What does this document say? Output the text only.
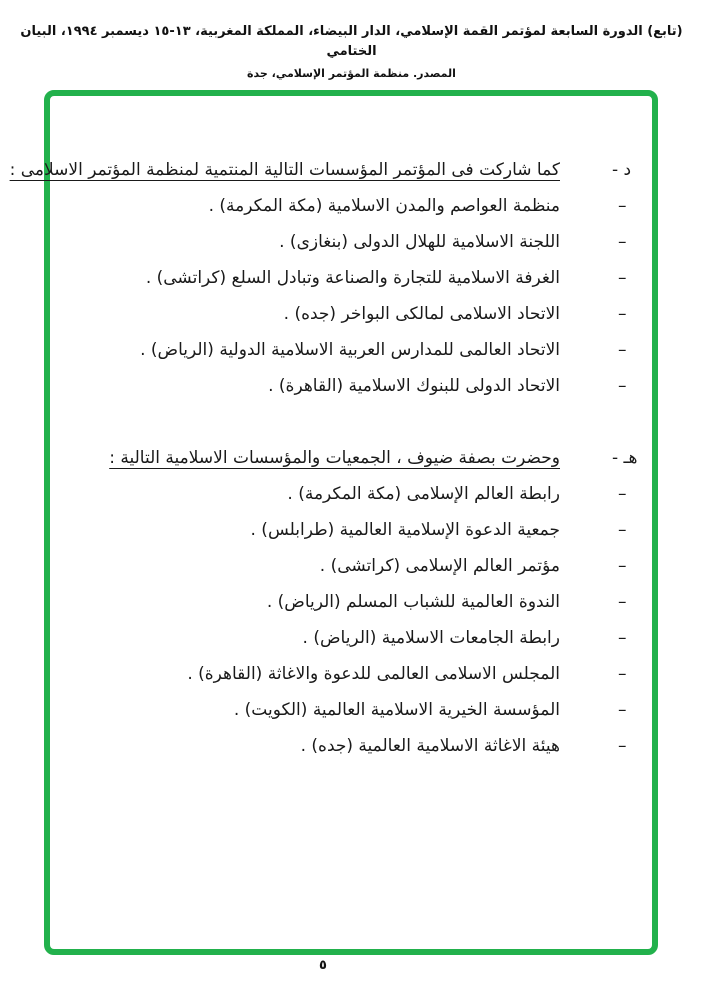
(تابع) الدورة السابعة لمؤتمر القمة الإسلامي، الدار البيضاء، المملكة المغربية، ١٣-١٥ ديسمبر ١٩٩٤، البيان الختامي
المصدر. منظمة المؤتمر الإسلامي، جدة
د -
كما شاركت فى المؤتمر المؤسسات التالية المنتمية لمنظمة المؤتمر الاسلامى :
–
منظمة العواصم والمدن الاسلامية (مكة المكرمة) .
–
اللجنة الاسلامية للهلال الدولى (بنغازى) .
–
الغرفة الاسلامية للتجارة والصناعة وتبادل السلع (كراتشى) .
–
الاتحاد الاسلامى لمالكى البواخر (جده) .
–
الاتحاد العالمى للمدارس العربية الاسلامية الدولية (الرياض) .
–
الاتحاد الدولى للبنوك الاسلامية (القاهرة) .
هـ -
وحضرت بصفة ضيوف ، الجمعيات والمؤسسات الاسلامية التالية :
–
رابطة العالم الإسلامى (مكة المكرمة) .
–
جمعية الدعوة الإسلامية العالمية (طرابلس) .
–
مؤتمر العالم الإسلامى (كراتشى) .
–
الندوة العالمية للشباب المسلم (الرياض) .
–
رابطة الجامعات الاسلامية (الرياض) .
–
المجلس الاسلامى العالمى للدعوة والاغاثة (القاهرة) .
–
المؤسسة الخيرية الاسلامية العالمية (الكويت) .
–
هيئة الاغاثة الاسلامية العالمية (جده) .
٥
